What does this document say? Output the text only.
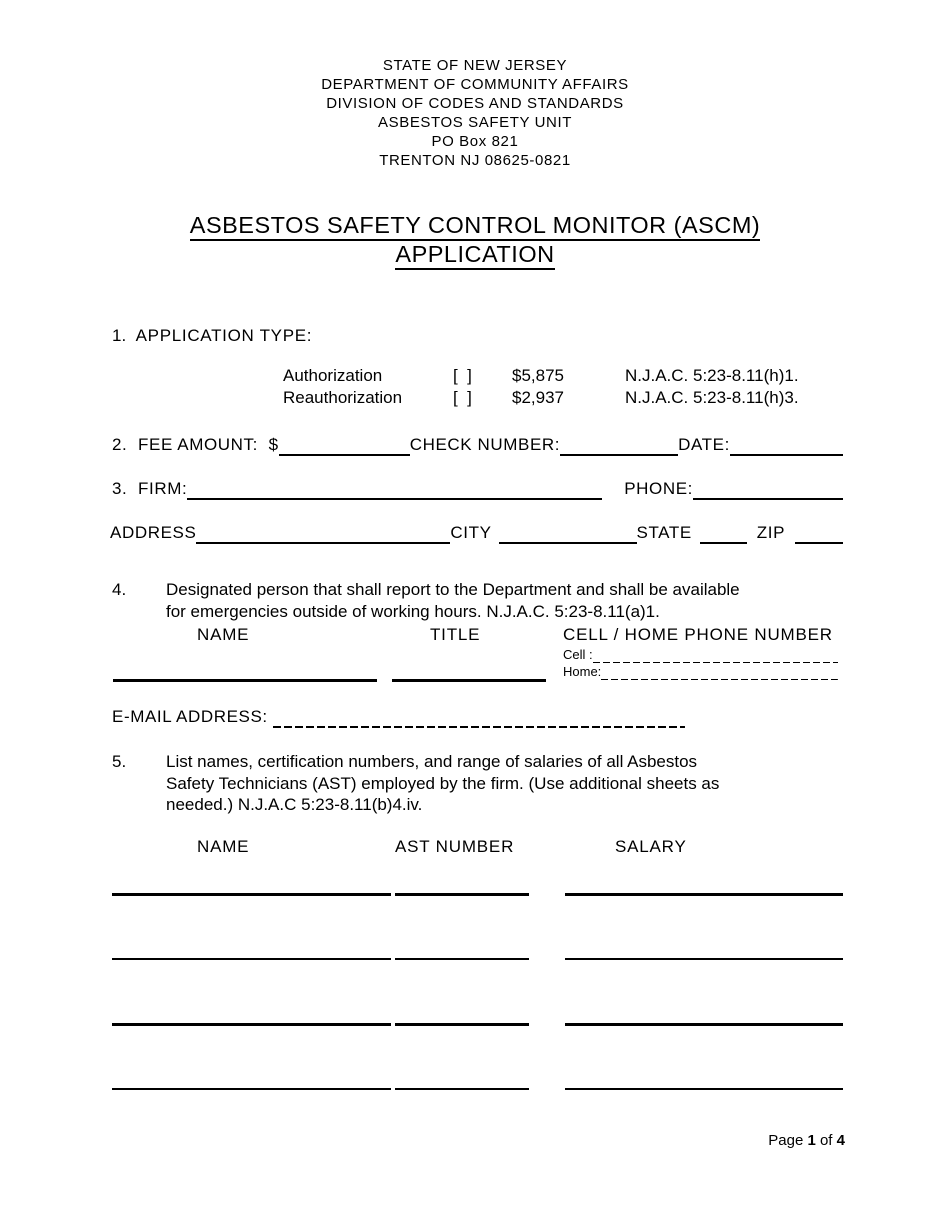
STATE OF NEW JERSEY
DEPARTMENT OF COMMUNITY AFFAIRS
DIVISION OF CODES AND STANDARDS
ASBESTOS SAFETY UNIT
PO Box 821
TRENTON NJ 08625-0821
ASBESTOS SAFETY CONTROL MONITOR (ASCM)
APPLICATION
1.  APPLICATION TYPE:
Authorization	[  ]	$5,875	N.J.A.C. 5:23-8.11(h)1.
Reauthorization	[  ]	$2,937	N.J.A.C. 5:23-8.11(h)3.
2. FEE AMOUNT:  $	CHECK NUMBER:	DATE:
3. FIRM:	PHONE:
ADDRESS	CITY	STATE	ZIP
4. Designated person that shall report to the Department and shall be available
for emergencies outside of working hours. N.J.A.C. 5:23-8.11(a)1.
NAME	TITLE	CELL / HOME PHONE NUMBER
Cell :
Home:
E-MAIL ADDRESS:
5. List names, certification numbers, and range of salaries of all Asbestos
Safety Technicians (AST) employed by the firm. (Use additional sheets as
needed.) N.J.A.C 5:23-8.11(b)4.iv.
NAME	AST NUMBER	SALARY
Page 1 of 4
